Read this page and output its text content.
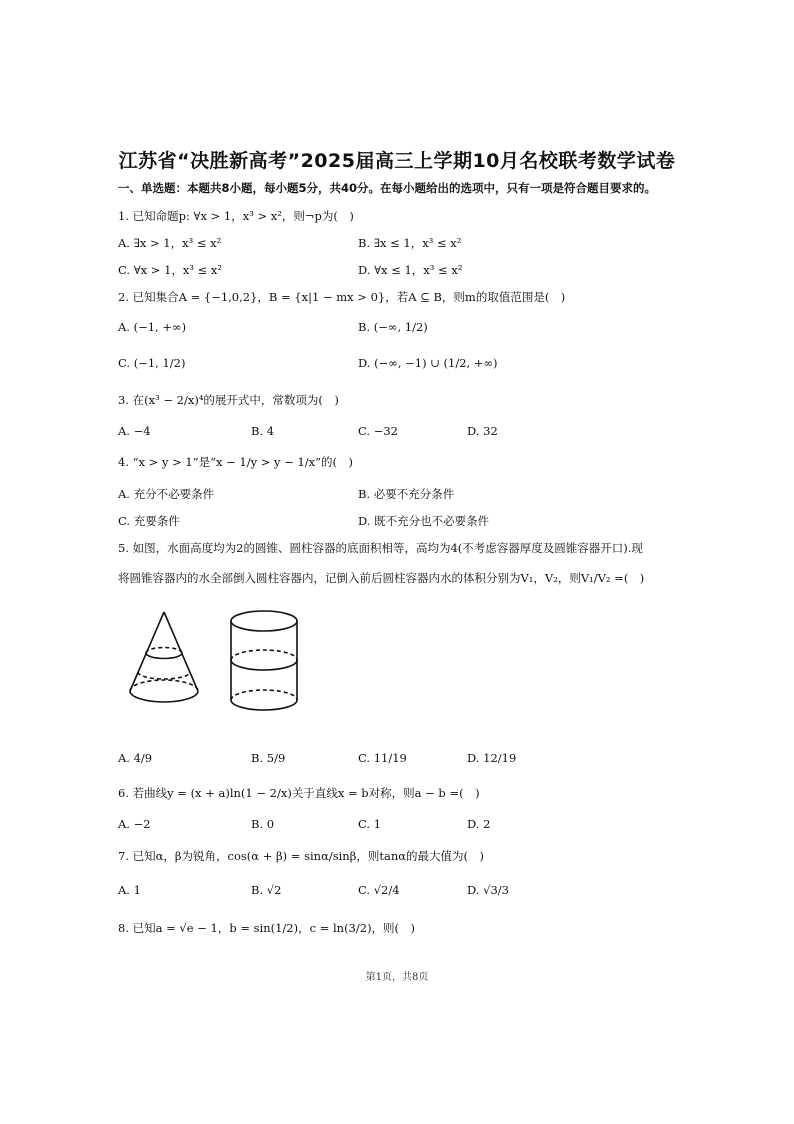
江苏省“决胜新高考”2025届高三上学期10月名校联考数学试卷
一、单选题：本题共8小题，每小题5分，共40分。在每小题给出的选项中，只有一项是符合题目要求的。
1. 已知命题p: ∀x > 1，x³ > x²，则¬p为(　)
A. ∃x > 1，x³ ≤ x²	B. ∃x ≤ 1，x³ ≤ x²
C. ∀x > 1，x³ ≤ x²	D. ∀x ≤ 1，x³ ≤ x²
2. 已知集合A = {−1,0,2}，B = {x|1 − mx > 0}，若A ⊆ B，则m的取值范围是(　)
A. (−1, +∞)	B. (−∞, 1/2)
C. (−1, 1/2)	D. (−∞, −1) ∪ (1/2, +∞)
3. 在(x³ − 2/x)⁴的展开式中，常数项为(　)
A. −4	B. 4	C. −32	D. 32
4. “x > y > 1”是“x − 1/y > y − 1/x”的(　)
A. 充分不必要条件	B. 必要不充分条件
C. 充要条件	D. 既不充分也不必要条件
5. 如图，水面高度均为2的圆锥、圆柱容器的底面积相等，高均为4(不考虑容器厚度及圆锥容器开口).现
将圆锥容器内的水全部倒入圆柱容器内，记倒入前后圆柱容器内水的体积分别为V₁，V₂，则V₁/V₂ =(　)
A. 4/9	B. 5/9	C. 11/19	D. 12/19
6. 若曲线y = (x + a)ln(1 − 2/x)关于直线x = b对称，则a − b =(　)
A. −2	B. 0	C. 1	D. 2
7. 已知α，β为锐角，cos(α + β) = sinα/sinβ，则tanα的最大值为(　)
A. 1	B. √2	C. √2/4	D. √3/3
8. 已知a = √e − 1，b = sin(1/2)，c = ln(3/2)，则(　)
第1页，共8页
